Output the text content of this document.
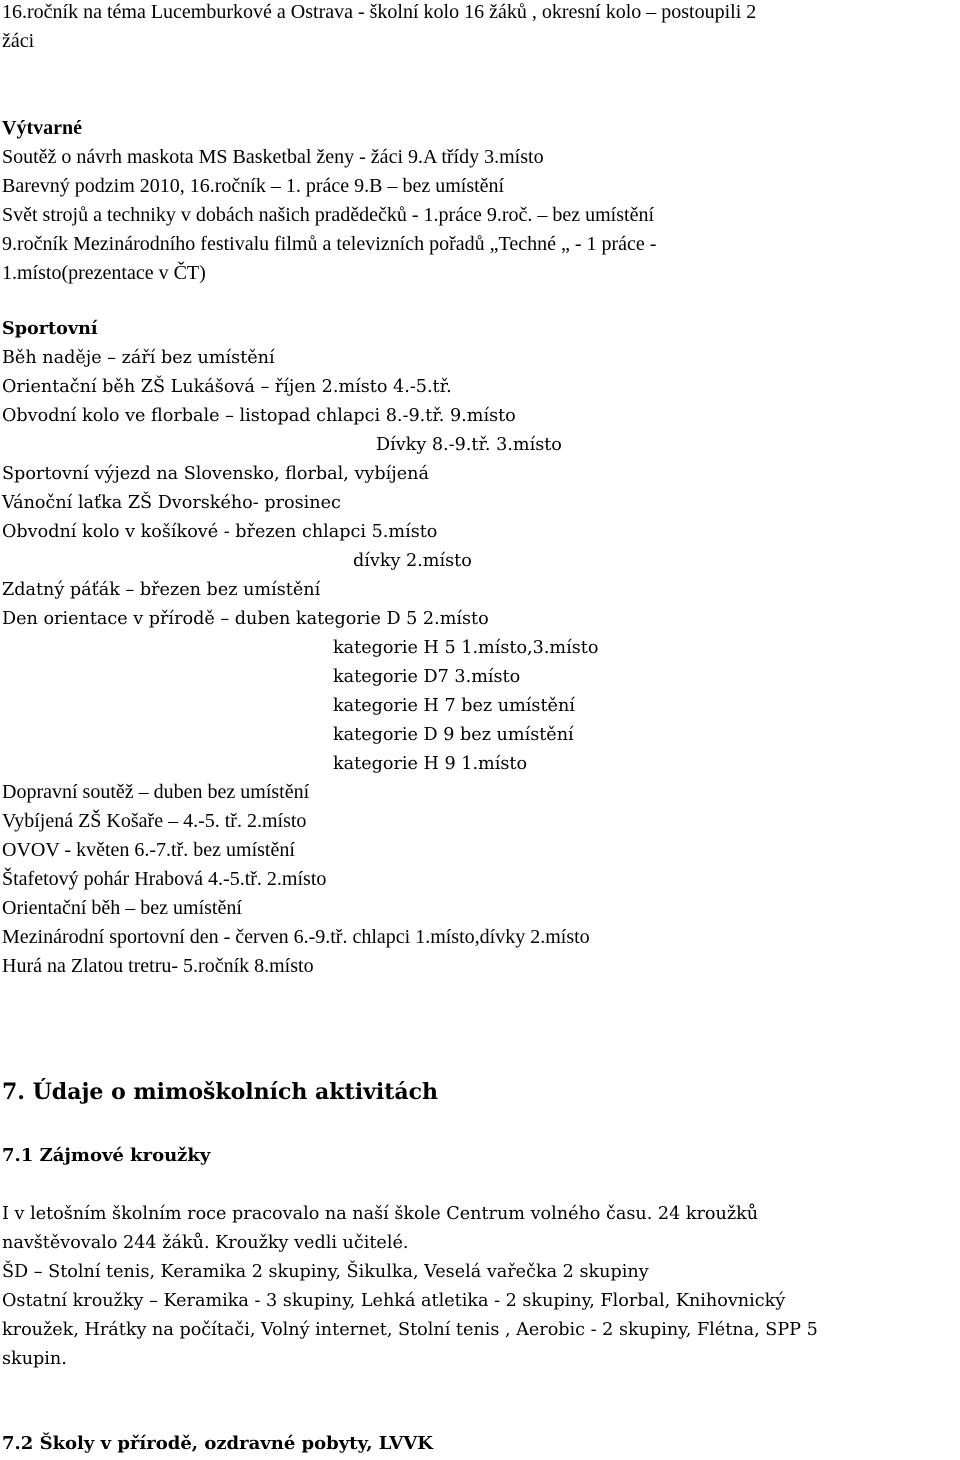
16.ročník na téma Lucemburkové a Ostrava - školní kolo 16 žáků , okresní kolo – postoupili 2
žáci
Výtvarné
Soutěž o návrh maskota MS Basketbal ženy - žáci 9.A třídy 3.místo
Barevný podzim 2010, 16.ročník – 1. práce 9.B – bez umístění
Svět strojů a techniky v dobách našich pradědečků - 1.práce 9.roč. – bez umístění
9.ročník Mezinárodního festivalu filmů a televizních pořadů „Techné „ - 1 práce -
1.místo(prezentace v ČT)
Sportovní
Běh naděje – září bez umístění
Orientační běh ZŠ Lukášová – říjen 2.místo 4.-5.tř.
Obvodní kolo ve florbale – listopad chlapci 8.-9.tř. 9.místo
Dívky 8.-9.tř. 3.místo
Sportovní výjezd na Slovensko, florbal, vybíjená
Vánoční laťka ZŠ Dvorského- prosinec
Obvodní kolo v košíkové - březen chlapci 5.místo
dívky 2.místo
Zdatný páťák – březen bez umístění
Den orientace v přírodě – duben kategorie D 5 2.místo
kategorie H 5 1.místo,3.místo
kategorie D7 3.místo
kategorie H 7 bez umístění
kategorie D 9 bez umístění
kategorie H 9 1.místo
Dopravní soutěž – duben bez umístění
Vybíjená ZŠ Košaře – 4.-5. tř. 2.místo
OVOV - květen 6.-7.tř. bez umístění
Štafetový pohár Hrabová 4.-5.tř. 2.místo
Orientační běh – bez umístění
Mezinárodní sportovní den - červen 6.-9.tř. chlapci 1.místo,dívky 2.místo
Hurá na Zlatou tretru- 5.ročník 8.místo
7. Údaje o mimoškolních aktivitách
7.1 Zájmové kroužky
I v letošním školním roce pracovalo na naší škole Centrum volného času. 24 kroužků
navštěvovalo 244 žáků. Kroužky vedli učitelé.
ŠD – Stolní tenis, Keramika 2 skupiny, Šikulka, Veselá vařečka 2 skupiny
Ostatní kroužky – Keramika - 3 skupiny, Lehká atletika - 2 skupiny, Florbal, Knihovnický
kroužek, Hrátky na počítači, Volný internet, Stolní tenis , Aerobic - 2 skupiny, Flétna, SPP 5
skupin.
7.2 Školy v přírodě, ozdravné pobyty, LVVK
